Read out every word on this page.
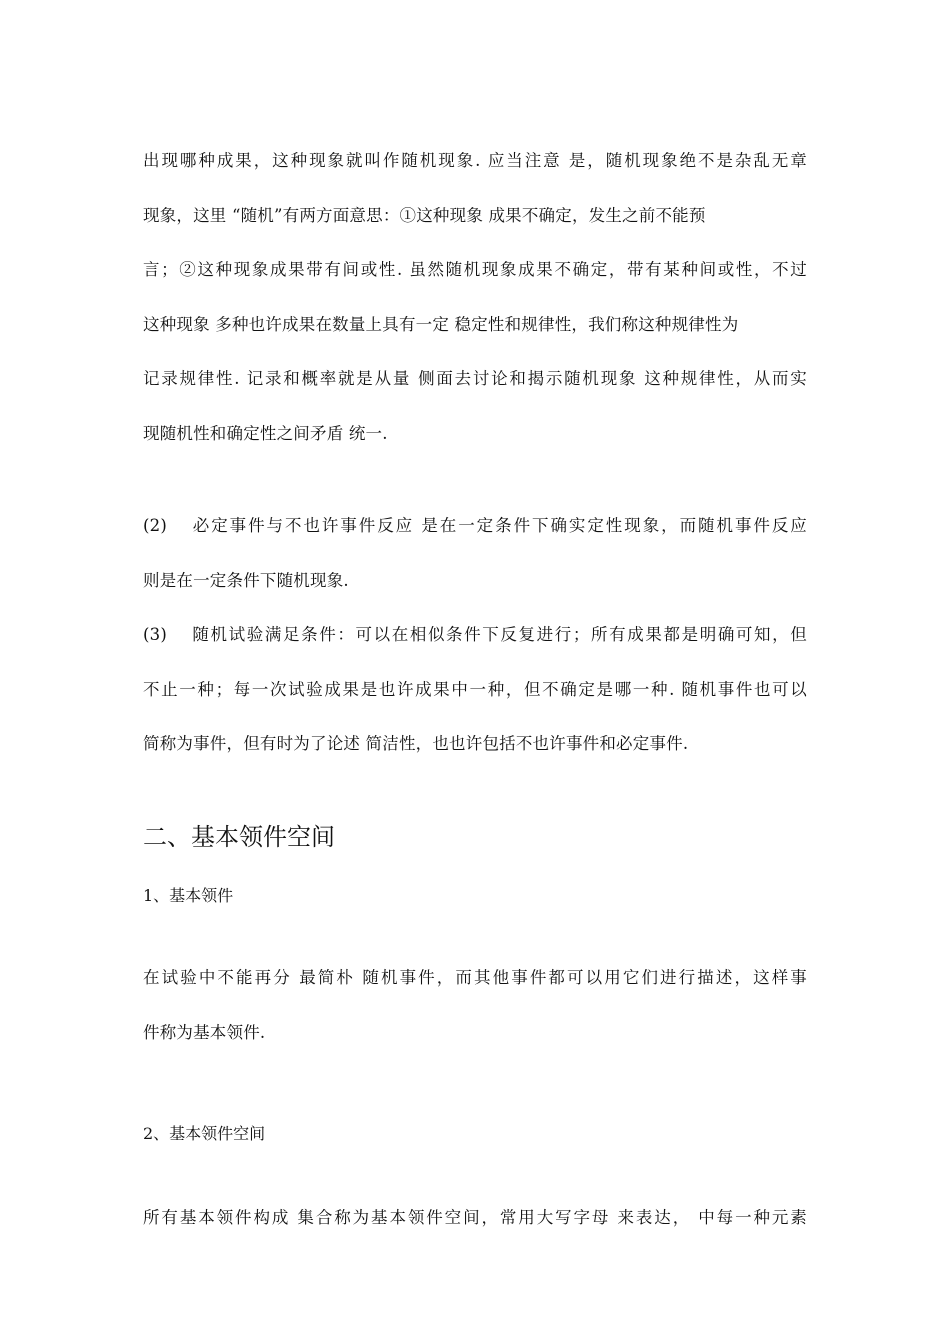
出现哪种成果，这种现象就叫作随机现象. 应当注意 是，随机现象绝不是杂乱无章
现象，这里 “随机”有两方面意思：①这种现象 成果不确定，发生之前不能预
言；②这种现象成果带有间或性. 虽然随机现象成果不确定，带有某种间或性，不过
这种现象 多种也许成果在数量上具有一定 稳定性和规律性，我们称这种规律性为
记录规律性. 记录和概率就是从量 侧面去讨论和揭示随机现象 这种规律性，从而实
现随机性和确定性之间矛盾 统一.
(2) 必定事件与不也许事件反应 是在一定条件下确实定性现象，而随机事件反应
则是在一定条件下随机现象.
(3) 随机试验满足条件：可以在相似条件下反复进行；所有成果都是明确可知，但
不止一种；每一次试验成果是也许成果中一种，但不确定是哪一种. 随机事件也可以
简称为事件，但有时为了论述 简洁性，也也许包括不也许事件和必定事件.
二、基本领件空间
1、基本领件
在试验中不能再分 最简朴 随机事件，而其他事件都可以用它们进行描述，这样事
件称为基本领件.
2、基本领件空间
所有基本领件构成 集合称为基本领件空间，常用大写字母 来表达， 中每一种元素
